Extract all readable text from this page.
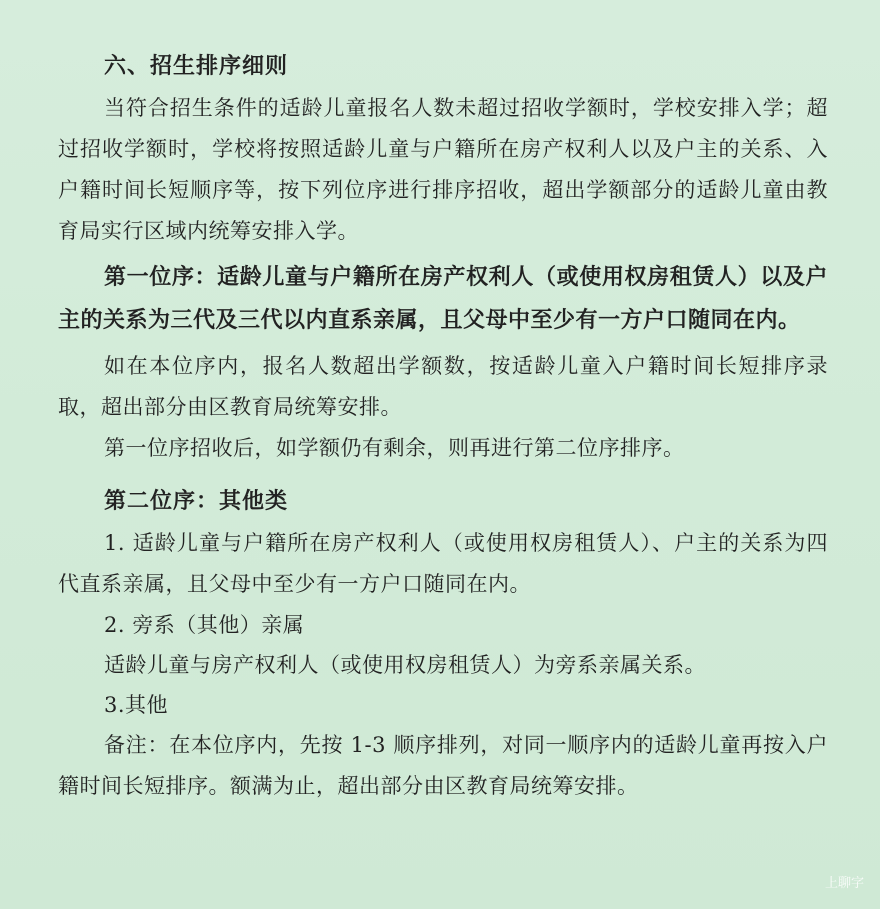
六、招生排序细则
当符合招生条件的适龄儿童报名人数未超过招收学额时，学校安排入学；超过招收学额时，学校将按照适龄儿童与户籍所在房产权利人以及户主的关系、入户籍时间长短顺序等，按下列位序进行排序招收，超出学额部分的适龄儿童由教育局实行区域内统筹安排入学。
第一位序：适龄儿童与户籍所在房产权利人（或使用权房租赁人）以及户主的关系为三代及三代以内直系亲属，且父母中至少有一方户口随同在内。
如在本位序内，报名人数超出学额数，按适龄儿童入户籍时间长短排序录取，超出部分由区教育局统筹安排。
第一位序招收后，如学额仍有剩余，则再进行第二位序排序。
第二位序：其他类
1. 适龄儿童与户籍所在房产权利人（或使用权房租赁人）、户主的关系为四代直系亲属，且父母中至少有一方户口随同在内。
2. 旁系（其他）亲属
适龄儿童与房产权利人（或使用权房租赁人）为旁系亲属关系。
3.其他
备注：在本位序内，先按 1-3 顺序排列，对同一顺序内的适龄儿童再按入户籍时间长短排序。额满为止，超出部分由区教育局统筹安排。
上聊字
